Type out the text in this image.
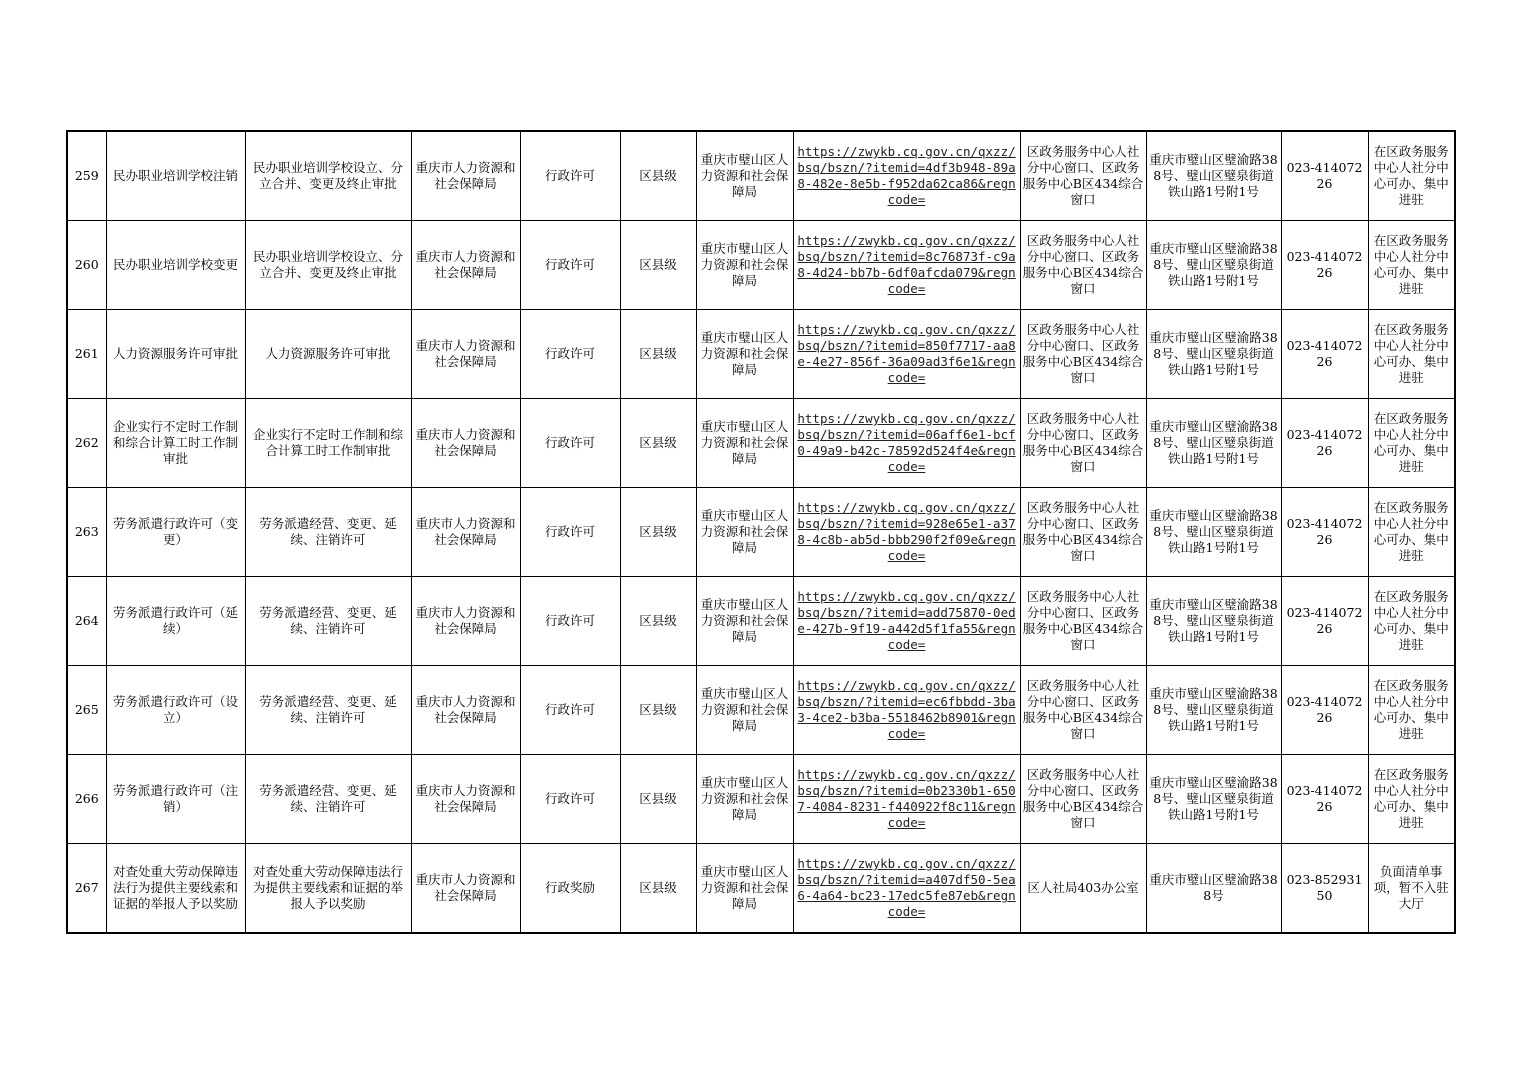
259	民办职业培训学校注销	民办职业培训学校设立、分立合并、变更及终止审批	重庆市人力资源和社会保障局	行政许可	区县级	重庆市璧山区人力资源和社会保障局	https://zwykb.cq.gov.cn/qxzz/bsq/bszn/?itemid=4df3b948-89a8-482e-8e5b-f952da62ca86&regncode=	区政务服务中心人社分中心窗口、区政务服务中心B区434综合窗口	重庆市璧山区璧渝路388号、璧山区璧泉街道铁山路1号附1号	023-41407226	在区政务服务中心人社分中心可办、集中进驻
260	民办职业培训学校变更	民办职业培训学校设立、分立合并、变更及终止审批	重庆市人力资源和社会保障局	行政许可	区县级	重庆市璧山区人力资源和社会保障局	https://zwykb.cq.gov.cn/qxzz/bsq/bszn/?itemid=8c76873f-c9a8-4d24-bb7b-6df0afcda079&regncode=	区政务服务中心人社分中心窗口、区政务服务中心B区434综合窗口	重庆市璧山区璧渝路388号、璧山区璧泉街道铁山路1号附1号	023-41407226	在区政务服务中心人社分中心可办、集中进驻
261	人力资源服务许可审批	人力资源服务许可审批	重庆市人力资源和社会保障局	行政许可	区县级	重庆市璧山区人力资源和社会保障局	https://zwykb.cq.gov.cn/qxzz/bsq/bszn/?itemid=850f7717-aa8e-4e27-856f-36a09ad3f6e1&regncode=	区政务服务中心人社分中心窗口、区政务服务中心B区434综合窗口	重庆市璧山区璧渝路388号、璧山区璧泉街道铁山路1号附1号	023-41407226	在区政务服务中心人社分中心可办、集中进驻
262	企业实行不定时工作制和综合计算工时工作制审批	企业实行不定时工作制和综合计算工时工作制审批	重庆市人力资源和社会保障局	行政许可	区县级	重庆市璧山区人力资源和社会保障局	https://zwykb.cq.gov.cn/qxzz/bsq/bszn/?itemid=06aff6e1-bcf0-49a9-b42c-78592d524f4e&regncode=	区政务服务中心人社分中心窗口、区政务服务中心B区434综合窗口	重庆市璧山区璧渝路388号、璧山区璧泉街道铁山路1号附1号	023-41407226	在区政务服务中心人社分中心可办、集中进驻
263	劳务派遣行政许可（变更）	劳务派遣经营、变更、延续、注销许可	重庆市人力资源和社会保障局	行政许可	区县级	重庆市璧山区人力资源和社会保障局	https://zwykb.cq.gov.cn/qxzz/bsq/bszn/?itemid=928e65e1-a378-4c8b-ab5d-bbb290f2f09e&regncode=	区政务服务中心人社分中心窗口、区政务服务中心B区434综合窗口	重庆市璧山区璧渝路388号、璧山区璧泉街道铁山路1号附1号	023-41407226	在区政务服务中心人社分中心可办、集中进驻
264	劳务派遣行政许可（延续）	劳务派遣经营、变更、延续、注销许可	重庆市人力资源和社会保障局	行政许可	区县级	重庆市璧山区人力资源和社会保障局	https://zwykb.cq.gov.cn/qxzz/bsq/bszn/?itemid=add75870-0ede-427b-9f19-a442d5f1fa55&regncode=	区政务服务中心人社分中心窗口、区政务服务中心B区434综合窗口	重庆市璧山区璧渝路388号、璧山区璧泉街道铁山路1号附1号	023-41407226	在区政务服务中心人社分中心可办、集中进驻
265	劳务派遣行政许可（设立）	劳务派遣经营、变更、延续、注销许可	重庆市人力资源和社会保障局	行政许可	区县级	重庆市璧山区人力资源和社会保障局	https://zwykb.cq.gov.cn/qxzz/bsq/bszn/?itemid=ec6fbbdd-3ba3-4ce2-b3ba-5518462b8901&regncode=	区政务服务中心人社分中心窗口、区政务服务中心B区434综合窗口	重庆市璧山区璧渝路388号、璧山区璧泉街道铁山路1号附1号	023-41407226	在区政务服务中心人社分中心可办、集中进驻
266	劳务派遣行政许可（注销）	劳务派遣经营、变更、延续、注销许可	重庆市人力资源和社会保障局	行政许可	区县级	重庆市璧山区人力资源和社会保障局	https://zwykb.cq.gov.cn/qxzz/bsq/bszn/?itemid=0b2330b1-6507-4084-8231-f440922f8c11&regncode=	区政务服务中心人社分中心窗口、区政务服务中心B区434综合窗口	重庆市璧山区璧渝路388号、璧山区璧泉街道铁山路1号附1号	023-41407226	在区政务服务中心人社分中心可办、集中进驻
267	对查处重大劳动保障违法行为提供主要线索和证据的举报人予以奖励	对查处重大劳动保障违法行为提供主要线索和证据的举报人予以奖励	重庆市人力资源和社会保障局	行政奖励	区县级	重庆市璧山区人力资源和社会保障局	https://zwykb.cq.gov.cn/qxzz/bsq/bszn/?itemid=a407df50-5ea6-4a64-bc23-17edc5fe87eb&regncode=	区人社局403办公室	重庆市璧山区璧渝路388号	023-85293150	负面清单事项，暂不入驻大厅
